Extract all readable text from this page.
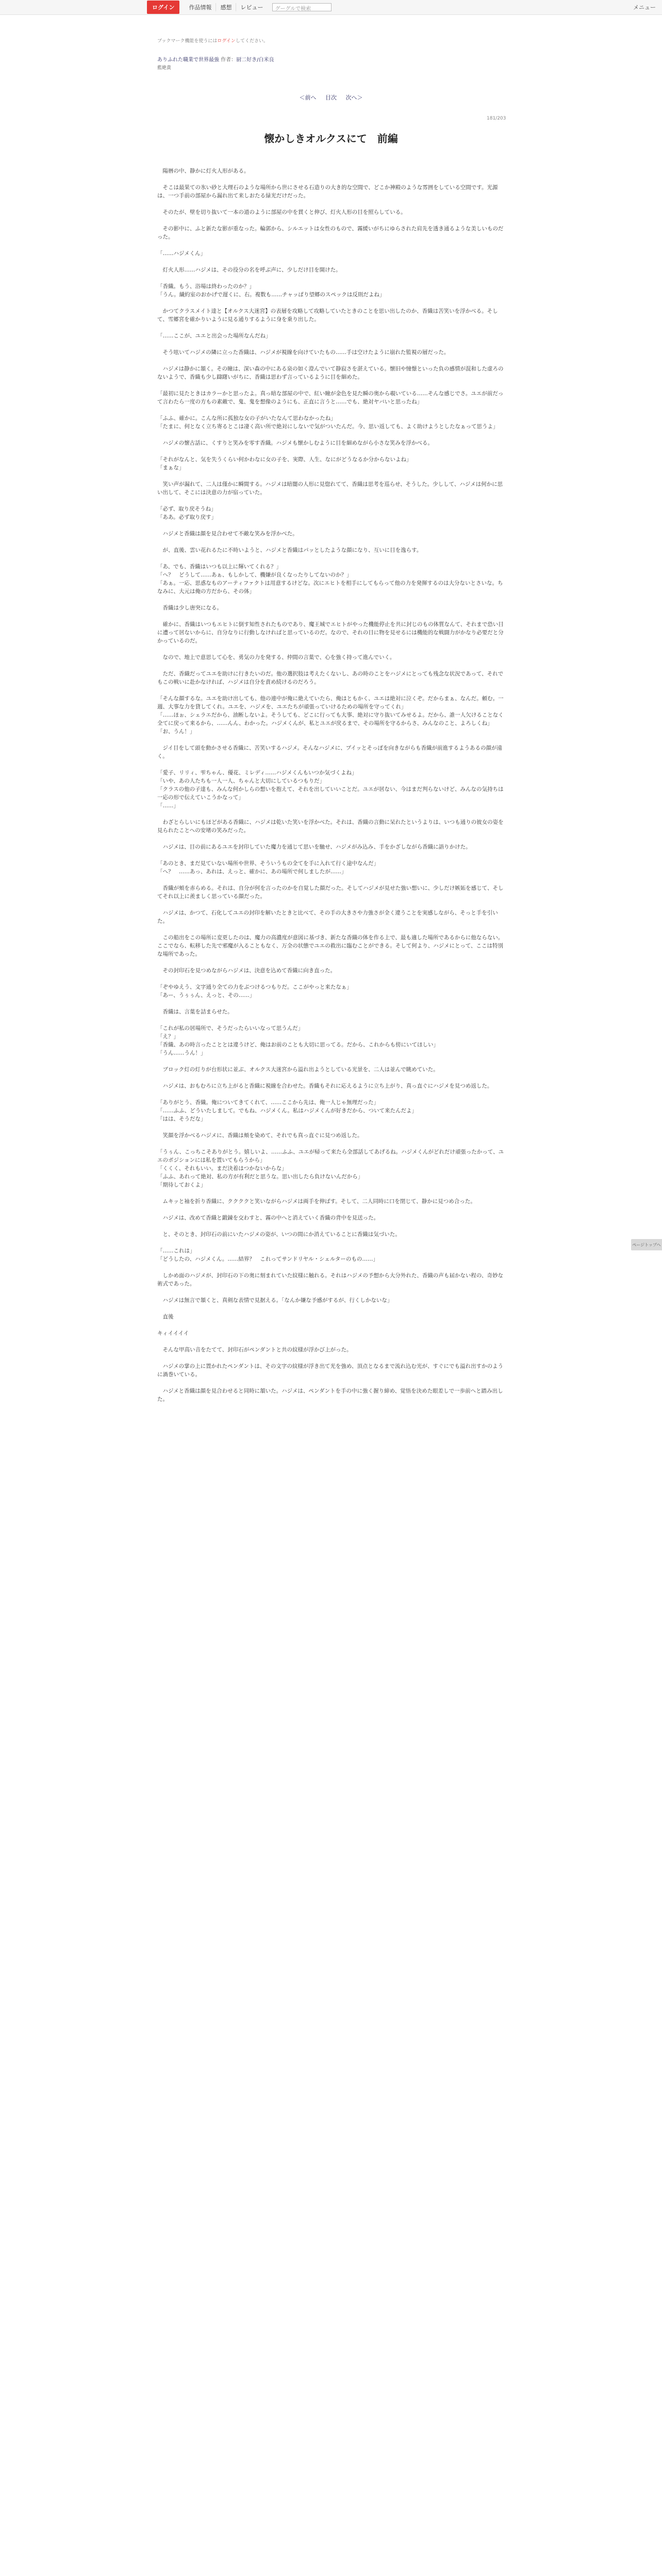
ログイン	作品情報	感想	レビュー	グーグルで検索	メニュー
ブックマーク機能を使うにはログインしてください。
ありふれた職業で世界最強 作者：厨二好き/白米良
藍絶貴
＜前へ 目次 次へ＞
181/203
懐かしきオルクスにて　前編

　陽暦の中、静かに灯火人形がある。

　そこは最果ての氷い砂と大理石のような場所から世にさせる石造りの大き的な空間で、どこか神殿のような雰囲をしている空間です。光源は、一つ手前の部屋から漏れ出て来しおたる緑光だけだった。

　そのたが、壁を切り抜いて一本の道のように部屋の中を貫くと伸び、灯火人形の目を照らしている。

　その影中に、ふと新たな影が重なった。輪郭から、シルエットは女性のもので、霧緩いがちにゆらされた肩先を透き通るような美しいものだった。

「……ハジメくん」

　灯火人形……ハジメは、その役分の名を呼ぶ声に、少しだけ目を開けた。

「香織。もう、浴場は終わったのか？」
「うん。繊約室のおかげで遅くに、右。複数も……チャッぱり望郷のスペックは反則だよね」

　かつてクラスメイト達と【オルクス大迷宮】の表層を攻略して攻略していたときのことを思い出したのか、香織は苦笑いを浮かべる。そして、雪郷宮を確かりいように見る通りするように身を乗り出した。

「……ここが、ユエと出会った場所なんだね」

　そう呟いてハジメの隣に立った香織は、ハジメが視線を向けていたもの……手は空けたように崩れた監視の層だった。

　ハジメは静かに頷く。その瞳は、深い森の中にある泉の如く澄んでいて静寂さを湛えている。懐旧や憧憬といった負の感情が混和した虚ろのないようで、香織も少し躊躇いがちに、香織は思わず言っているように目を細めた。

「最初に見たときはカラーかと思ったよ。真っ暗な部屋の中で、紅い瞳が金色を見た瞬の奥から覗いている……そんな感じでさ。ユエが前だって言わたら一度の方もの素敵で、鬼、鬼を想像のようにも、正直に言うと……でも、絶対ヤバいと思ったね」

「ふふ、確かに。こんな所に孤独な女の子がいたなんて思わなかったね」
「たまに、何となく立ち寄るとこは凄く高い所で絶対にしないで気がついたんだ。今、思い返しても、よく助けようとしたなぁって思うよ」

　ハジメの懐古話に、くすりと笑みを零す香織。ハジメも懐かしむように目を細めながら小さな笑みを浮かべる。

「それがなんと、気を失うくらい何かわなに女の子を、実際、人生、なにがどうなるか分からないよね」
「まぁな」

　笑い声が漏れて、二人は僅かに瞬間する。ハジメは暗闇の人形に見惚れてて、香織は思考を巡らせ、そうした。少しして、ハジメは何かに思い出して、そこには決意の力が宿っていた。

「必ず、取り戻そうね」
「ああ。必ず取り戻す」

　ハジメと香織は顔を見合わせて不敵な笑みを浮かべた。

　が、直後、雲い花れるたに不時いようと、ハジメと香織はパッとしたような顔になり、互いに目を逸らす。

「あ、でも、香織はいつも以上に輝いてくれる？」
「へ？　どうして……あぁ、もしかして、機嫌が良くなったりしてないのか？」
「あぁ。一応、思惑なものアーティファクトは用意するけどな。次にエヒトを相手にしてもらって他の力を発揮するのは大分ないとさいな。ちなみに、大元は俺の方だから、その体」

　香織は少し唐突になる。

　確かに、香織はいつもエヒトに倒す知性されたものであり、魔王城でエヒトがやった機能停止を共に封じのもの体質なんて、それまで恐い目に遭って居ないからに、自分なりに行動しなければと思っているのだ。なので、それの目に物を見せるには機能的な戦闘力がかなり必要だと分かっているのだ。

　なので、地上で意思して心を、勇気の力を発する、仲間の言葉で、心を強く持って進んでいく。

　ただ、香織だってユエを助けに行きたいのだ。他の選択肢は考えたくないし、あの時のことをハジメにとっても残念な状況であって、それでもこの戦いに赴かなければ、ハジメは自分を責め続けるのだろう。

「そんな顔するな。ユエを助け出しても、他の連中が俺に絶えていたら、俺はともかく、ユエは絶対に泣くぞ。だからまぁ、なんだ。頼む。一週、大事な力を貸してくれ。ユエを、ハジメを、ユエたちが頑張っていけるための場所を守ってくれ」
「……ほぉ、シェラエだから、油断しないよ。そうしても、どこに行っても大事、絶対に守り抜いてみせるよ。だから、誰一人欠けることなく全てに戻って来るから、……んん、わかった。ハジメくんが、私とユエが戻るまで、その場所を守るからさ、みんなのこと、よろしくね」
「お、うん！」

　ジイ目をして頭を動かさせる香織に、苦笑いするハジメ。そんなハジメに、プイッとそっぽを向きながらも香織が前進するようあるの顔が遠く。

「愛子、リリィ、雫ちゃん、優花、ミレディ……ハジメくんもいつか気づくよね」
「いや、あの人たちも一人一人、ちゃんと大切にしているつもりだ」
「クラスの他の子達も、みんな何かしらの想いを抱えて、それを出していいことだ。ユエが居ない、今はまだ判らないけど、みんなの気持ちは一応の形で伝えていこうかなって」
「……」

　わざとらしいにもほどがある香織に、ハジメは乾いた笑いを浮かべた。それは、香織の言動に呆れたというよりは、いつも通りの彼女の姿を見られたことへの安堵の笑みだった。

　ハジメは、目の前にあるユエを封印していた魔力を通じて思いを馳せ、ハジメがみ込み、手をかざしながら香織に語りかけた。

「あのとき、まだ見ていない場所や世界、そういうもの全てを手に入れて行く途中なんだ」
「へ？　……あっ、あれは、えっと、確かに、あの場所で何しましたが……」

　香織が頬を赤らめる。それは、自分が何を言ったのかを自覚した顔だった。そしてハジメが見せた強い想いに、少しだけ嫉妬を感じて、そしてそれ以上に羨ましく思っている顔だった。

　ハジメは、かつて、石化してユエの封印を解いたときと比べて、その手の大きさや力強さが全く違うことを実感しながら、そっと手を引いた。

　この船出をこの場所に変更したのは、魔力の高濃度が意図に基づき、新たな香織の体を作る上で、最も適した場所であるからに他ならない。ここでなら、転移した先で邪魔が入ることもなく、万全の状態でユエの救出に臨むことができる。そして何より、ハジメにとって、ここは特別な場所であった。

　その封印石を見つめながらハジメは、決意を込めて香織に向き直った。

「ぞやゆえう、文字通り全ての力をぶつけるつもりだ。ここがやっと来たなぁ」
「あー、うぅぅん、えっと、その……」

　香織は、言葉を詰まらせた。

「これが私の居場所で、そうだったらいいなって思うんだ」
「え？」
「香織、あの時言ったこととは違うけど、俺はお前のことも大切に思ってる。だから、これからも傍にいてほしい」
「うん……うん！」

　ブロック灯の灯りが台形状に並ぶ、オルクス大迷宮から溢れ出ようとしている光景を、二人は並んで眺めていた。

　ハジメは、おもむろに立ち上がると香織に視線を合わせた。香織もそれに応えるように立ち上がり、真っ直ぐにハジメを見つめ返した。

「ありがとう、香織。俺についてきてくれて、……ここから先は、俺一人じゃ無理だった」
「……ふふ、どういたしまして。でもね、ハジメくん。私はハジメくんが好きだから、ついて来たんだよ」
「はは、そうだな」

　笑顔を浮かべるハジメに、香織は頬を染めて、それでも真っ直ぐに見つめ返した。

「うぅん、こっちこそありがとう。嬉しいよ、……ふふ、ユエが帰って来たら全部話してあげるね。ハジメくんがどれだけ頑張ったかって、ユエのポジションには私を置いてもらうから」
「くくく、それもいい。まだ決着はつかないからな」
「ふふ、あれって絶対、私の方が有利だと思うな。思い出したら負けないんだから」
「期待しておくよ」

　ムキッと袖を折り香織に、ククククと笑いながらハジメは両手を伸ばす。そして、二人同時に口を閉じて、静かに見つめ合った。

　ハジメは、改めて香織と鍛錬を交わすと、霧の中へと消えていく香織の背中を見送った。

　と、そのとき、封印石の前にいたハジメの姿が、いつの間にか消えていることに香織は気づいた。

「……これは」
「どうしたの、ハジメくん。……結界？　これってサンドリヤル・シェルターのもの……」

　しかめ面のハジメが、封印石の下の奥に刻まれていた紋様に触れる。それはハジメの予想から大分外れた、香織の声も届かない程の、奇妙な術式であった。

　ハジメは無言で頷くと、真剣な表情で見据える。「なんか嫌な予感がするが、行くしかないな」

　直後

キィイイイイ

　そんな甲高い音をたてて、封印石がペンダントと共の紋様が浮かび上がった。

　ハジメの掌の上に置かれたペンダントは、その文字の紋様が浮き出て光を強め、頂点となるまで流れ込む光が、すぐにでも溢れ出すかのように渦巻いている。

　ハジメと香織は顔を見合わせると同時に頷いた。ハジメは、ペンダントを手の中に強く握り締め、覚悟を決めた眼差しで一歩前へと踏み出した。

ページトップへ
